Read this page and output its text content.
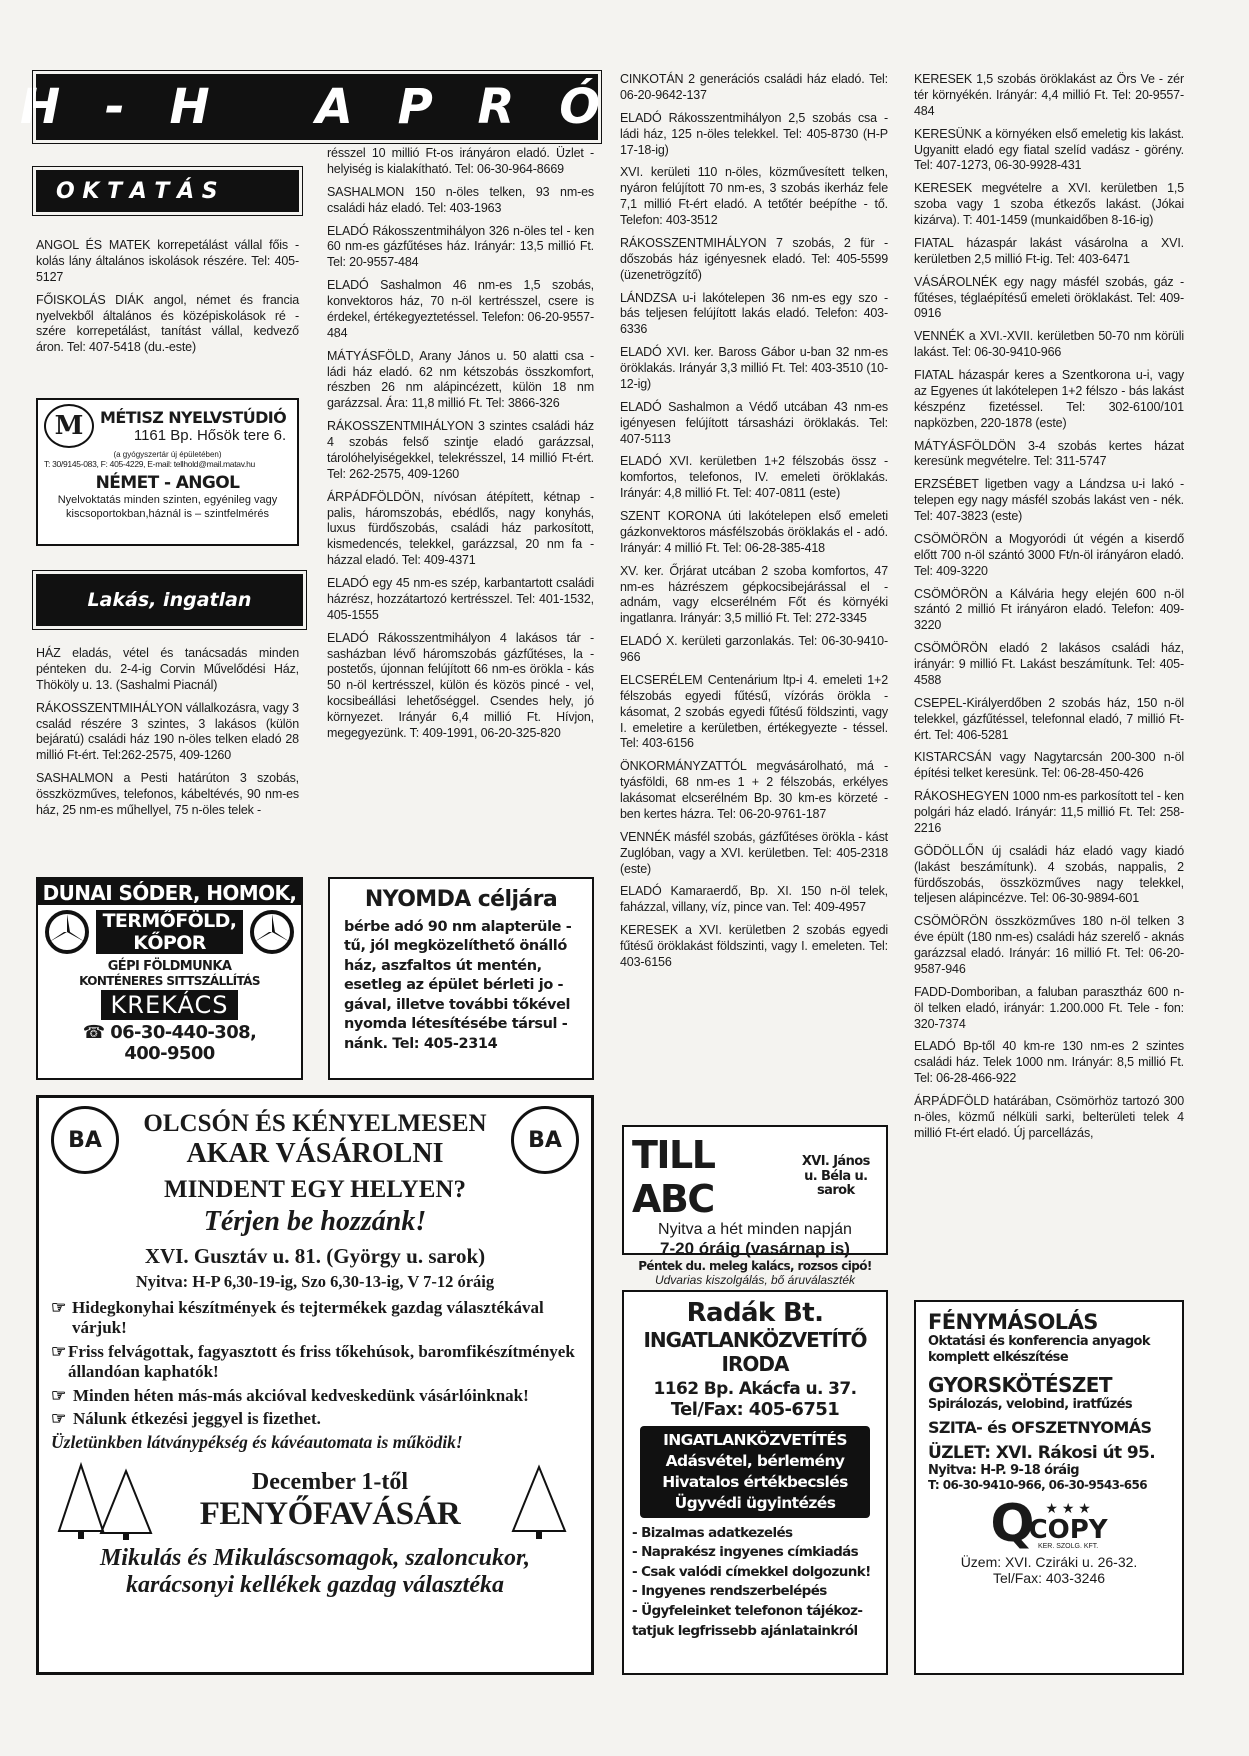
H - H   A P R Ó
O K T A T Á S

ANGOL ÉS MATEK korrepetálást vállal főis - kolás lány általános iskolások részére. Tel: 405-5127

FŐISKOLÁS DIÁK angol, német és francia nyelvekből általános és középiskolások ré - szére korrepetálást, tanítást vállal, kedvező áron. Tel: 407-5418 (du.-este)

M MÉTISZ NYELVSTÚDIÓ
1161 Bp. Hősök tere 6.
(a gyógyszertár új épületében)
T: 30/9145-083, F: 405-4229, E-mail: tellhold@mail.matav.hu
NÉMET - ANGOL
Nyelvoktatás minden szinten, egyénileg vagy kiscsoportokban,háznál is – szintfelmérés
Lakás, ingatlan

HÁZ eladás, vétel és tanácsadás minden pénteken du. 2-4-ig Corvin Művelődési Ház, Thököly u. 13. (Sashalmi Piacnál)

RÁKOSSZENTMIHÁLYON vállalkozásra, vagy 3 család részére 3 szintes, 3 lakásos (külön bejáratú) családi ház 190 n-öles telken eladó 28 millió Ft-ért. Tel:262-2575, 409-1260

SASHALMON a Pesti határúton 3 szobás, összközműves, telefonos, kábeltévés, 90 nm-es ház, 25 nm-es műhellyel, 75 n-öles telek -

DUNAI SÓDER, HOMOK,
TERMŐFÖLD,
KŐPOR
GÉPI FÖLDMUNKA
KONTÉNERES SITTSZÁLLÍTÁS
KREKÁCS
☎ 06-30-440-308,
400-9500

résszel 10 millió Ft-os irányáron eladó. Üzlet - helyiség is kialakítható. Tel: 06-30-964-8669

SASHALMON 150 n-öles telken, 93 nm-es családi ház eladó. Tel: 403-1963

ELADÓ Rákosszentmihályon 326 n-öles tel - ken 60 nm-es gázfűtéses ház. Irányár: 13,5 millió Ft. Tel: 20-9557-484

ELADÓ Sashalmon 46 nm-es 1,5 szobás, konvektoros ház, 70 n-öl kertrésszel, csere is érdekel, értékegyeztetéssel. Telefon: 06-20-9557-484

MÁTYÁSFÖLD, Arany János u. 50 alatti csa - ládi ház eladó. 62 nm kétszobás összkomfort, részben 26 nm alápincézett, külön 18 nm garázzsal. Ára: 11,8 millió Ft. Tel: 3866-326

RÁKOSSZENTMIHÁLYON 3 szintes családi ház 4 szobás felső szintje eladó garázzsal, tárolóhelyiségekkel, telekrésszel, 14 millió Ft-ért. Tel: 262-2575, 409-1260

ÁRPÁDFÖLDÖN, nívósan átépített, kétnap - palis, háromszobás, ebédlős, nagy konyhás, luxus fürdőszobás, családi ház parkosított, kismedencés, telekkel, garázzsal, 20 nm fa - házzal eladó. Tel: 409-4371

ELADÓ egy 45 nm-es szép, karbantartott családi házrész, hozzátartozó kertrésszel. Tel: 401-1532, 405-1555

ELADÓ Rákosszentmihályon 4 lakásos tár - sasházban lévő háromszobás gázfűtéses, la - postetős, újonnan felújított 66 nm-es örökla - kás 50 n-öl kertrésszel, külön és közös pincé - vel, kocsibeállási lehetőséggel. Csendes hely, jó környezet. Irányár 6,4 millió Ft. Hívjon, megegyezünk. T: 409-1991, 06-20-325-820

NYOMDA céljára
bérbe adó 90 nm alapterüle - tű, jól megközelíthető önálló ház, aszfaltos út mentén, esetleg az épület bérleti jo - gával, illetve további tőkével nyomda létesítésébe társul - nánk. Tel: 405-2314

CINKOTÁN 2 generációs családi ház eladó. Tel: 06-20-9642-137

ELADÓ Rákosszentmihályon 2,5 szobás csa - ládi ház, 125 n-öles telekkel. Tel: 405-8730 (H-P 17-18-ig)

XVI. kerületi 110 n-öles, közművesített telken, nyáron felújított 70 nm-es, 3 szobás ikerház fele 7,1 millió Ft-ért eladó. A tetőtér beépíthe - tő. Telefon: 403-3512

RÁKOSSZENTMIHÁLYON 7 szobás, 2 für - dőszobás ház igényesnek eladó. Tel: 405-5599 (üzenetrögzítő)

LÁNDZSA u-i lakótelepen 36 nm-es egy szo - bás teljesen felújított lakás eladó. Telefon: 403-6336

ELADÓ XVI. ker. Baross Gábor u-ban 32 nm-es öröklakás. Irányár 3,3 millió Ft. Tel: 403-3510 (10-12-ig)

ELADÓ Sashalmon a Védő utcában 43 nm-es igényesen felújított társasházi öröklakás. Tel: 407-5113

ELADÓ XVI. kerületben 1+2 félszobás össz - komfortos, telefonos, IV. emeleti öröklakás. Irányár: 4,8 millió Ft. Tel: 407-0811 (este)

SZENT KORONA úti lakótelepen első emeleti gázkonvektoros másfélszobás öröklakás el - adó. Irányár: 4 millió Ft. Tel: 06-28-385-418

XV. ker. Őrjárat utcában 2 szoba komfortos, 47 nm-es házrészem gépkocsibejárással el - adnám, vagy elcserélném Főt és környéki ingatlanra. Irányár: 3,5 millió Ft. Tel: 272-3345

ELADÓ X. kerületi garzonlakás. Tel: 06-30-9410-966

ELCSERÉLEM Centenárium ltp-i 4. emeleti 1+2 félszobás egyedi fűtésű, vízórás örökla - kásomat, 2 szobás egyedi fűtésű földszinti, vagy I. emeletire a kerületben, értékegyezte - téssel. Tel: 403-6156

ÖNKORMÁNYZATTÓL megvásárolható, má - tyásföldi, 68 nm-es 1 + 2 félszobás, erkélyes lakásomat elcserélném Bp. 30 km-es körzeté - ben kertes házra. Tel: 06-20-9761-187

VENNÉK másfél szobás, gázfűtéses örökla - kást Zuglóban, vagy a XVI. kerületben. Tel: 405-2318 (este)

ELADÓ Kamaraerdő, Bp. XI. 150 n-öl telek, faházzal, villany, víz, pince van. Tel: 409-4957

KERESEK a XVI. kerületben 2 szobás egyedi fűtésű öröklakást földszinti, vagy I. emeleten. Tel: 403-6156

TILL ABC
XVI. János u. Béla u. sarok
Nyitva a hét minden napján
7-20 óráig (vasárnap is)
Péntek du. meleg kalács, rozsos cipó!
Udvarias kiszolgálás, bő áruválaszték

KERESEK 1,5 szobás öröklakást az Örs Ve - zér tér környékén. Irányár: 4,4 millió Ft. Tel: 20-9557-484

KERESÜNK a környéken első emeletig kis lakást. Ugyanitt eladó egy fiatal szelíd vadász - görény. Tel: 407-1273, 06-30-9928-431

KERESEK megvételre a XVI. kerületben 1,5 szoba vagy 1 szoba étkezős lakást. (Jókai kizárva). T: 401-1459 (munkaidőben 8-16-ig)

FIATAL házaspár lakást vásárolna a XVI. kerületben 2,5 millió Ft-ig. Tel: 403-6471

VÁSÁROLNÉK egy nagy másfél szobás, gáz - fűtéses, téglaépítésű emeleti öröklakást. Tel: 409-0916

VENNÉK a XVI.-XVII. kerületben 50-70 nm körüli lakást. Tel: 06-30-9410-966

FIATAL házaspár keres a Szentkorona u-i, vagy az Egyenes út lakótelepen 1+2 félszo - bás lakást készpénz fizetéssel. Tel: 302-6100/101 napközben, 220-1878 (este)

MÁTYÁSFÖLDÖN 3-4 szobás kertes házat keresünk megvételre. Tel: 311-5747

ERZSÉBET ligetben vagy a Lándzsa u-i lakó - telepen egy nagy másfél szobás lakást ven - nék. Tel: 407-3823 (este)

CSÖMÖRÖN a Mogyoródi út végén a kiserdő előtt 700 n-öl szántó 3000 Ft/n-öl irányáron eladó. Tel: 409-3220

CSÖMÖRÖN a Kálvária hegy elején 600 n-öl szántó 2 millió Ft irányáron eladó. Telefon: 409-3220

CSÖMÖRÖN eladó 2 lakásos családi ház, irányár: 9 millió Ft. Lakást beszámítunk. Tel: 405-4588

CSEPEL-Királyerdőben 2 szobás ház, 150 n-öl telekkel, gázfűtéssel, telefonnal eladó, 7 millió Ft-ért. Tel: 406-5281

KISTARCSÁN vagy Nagytarcsán 200-300 n-öl építési telket keresünk. Tel: 06-28-450-426

RÁKOSHEGYEN 1000 nm-es parkosított tel - ken polgári ház eladó. Irányár: 11,5 millió Ft. Tel: 258-2216

GÖDÖLLŐN új családi ház eladó vagy kiadó (lakást beszámítunk). 4 szobás, nappalis, 2 fürdőszobás, összközműves nagy telekkel, teljesen alápincézve. Tel: 06-30-9894-601

CSÖMÖRÖN összközműves 180 n-öl telken 3 éve épült (180 nm-es) családi ház szerelő - aknás garázzsal eladó. Irányár: 16 millió Ft. Tel: 06-20-9587-946

FADD-Domboriban, a faluban parasztház 600 n-öl telken eladó, irányár: 1.200.000 Ft. Tele - fon: 320-7374

ELADÓ Bp-től 40 km-re 130 nm-es 2 szintes családi ház. Telek 1000 nm. Irányár: 8,5 millió Ft. Tel: 06-28-466-922

ÁRPÁDFÖLD határában, Csömörhöz tartozó 300 n-öles, közmű nélküli sarki, belterületi telek 4 millió Ft-ért eladó. Új parcellázás,

BA
OLCSÓN ÉS KÉNYELMESEN
AKAR VÁSÁROLNI	BA
MINDENT EGY HELYEN?
Térjen be hozzánk!
XVI. Gusztáv u. 81. (György u. sarok)
Nyitva: H-P 6,30-19-ig, Szo 6,30-13-ig, V 7-12 óráig
☞ Hidegkonyhai készítmények és tejtermékek gazdag választékával várjuk!
☞ Friss felvágottak, fagyasztott és friss tőkehúsok, baromfikészítmények állandóan kaphatók!
☞ Minden héten más-más akcióval kedveskedünk vásárlóinknak!
☞ Nálunk étkezési jeggyel is fizethet.
Üzletünkben látványpékség és kávéautomata is működik!
December 1-től
FENYŐFAVÁSÁR
Mikulás és Mikuláscsomagok, szaloncukor,
karácsonyi kellékek gazdag választéka
Radák Bt.
INGATLANKÖZVETÍTŐ IRODA
1162 Bp. Akácfa u. 37.
Tel/Fax: 405-6751
INGATLANKÖZVETÍTÉS
Adásvétel, bérlemény
Hivatalos értékbecslés
Ügyvédi ügyintézés
- Bizalmas adatkezelés
- Naprakész ingyenes címkiadás
- Csak valódi címekkel dolgozunk!
- Ingyenes rendszerbelépés
- Ügyfeleinket telefonon tájékoz- tatjuk legfrissebb ajánlatainkról
FÉNYMÁSOLÁS
Oktatási és konferencia anyagok komplett elkészítése
GYORSKÖTÉSZET
Spirálozás, velobind, iratfűzés
SZITA- és OFSZETNYOMÁS
ÜZLET: XVI. Rákosi út 95.
Nyitva: H-P. 9-18 óráig
T: 06-30-9410-966, 06-30-9543-656
Q ★ ★ ★
COPY
KER. SZOLG. KFT.
Üzem: XVI. Cziráki u. 26-32.
Tel/Fax: 403-3246
